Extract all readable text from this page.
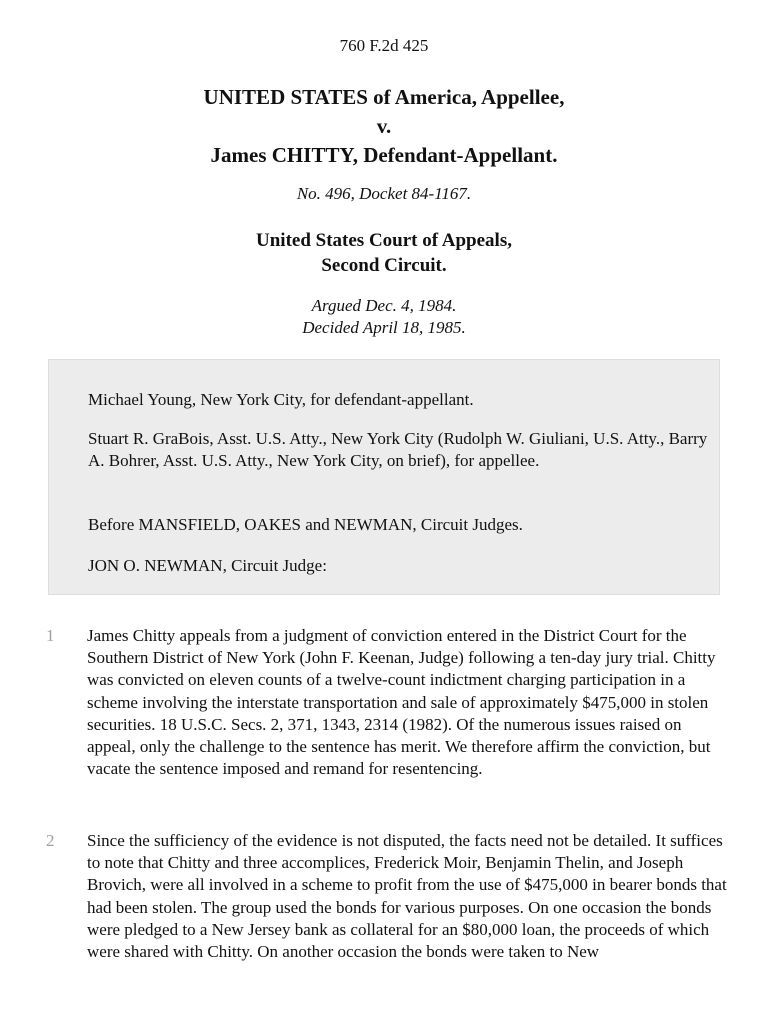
760 F.2d 425
UNITED STATES of America, Appellee,
v.
James CHITTY, Defendant-Appellant.
No. 496, Docket 84-1167.
United States Court of Appeals,
Second Circuit.
Argued Dec. 4, 1984.
Decided April 18, 1985.

Michael Young, New York City, for defendant-appellant.

Stuart R. GraBois, Asst. U.S. Atty., New York City (Rudolph W. Giuliani, U.S. Atty., Barry A. Bohrer, Asst. U.S. Atty., New York City, on brief), for appellee.

Before MANSFIELD, OAKES and NEWMAN, Circuit Judges.

JON O. NEWMAN, Circuit Judge:

1 James Chitty appeals from a judgment of conviction entered in the District Court for the Southern District of New York (John F. Keenan, Judge) following a ten-day jury trial. Chitty was convicted on eleven counts of a twelve-count indictment charging participation in a scheme involving the interstate transportation and sale of approximately $475,000 in stolen securities. 18 U.S.C. Secs. 2, 371, 1343, 2314 (1982). Of the numerous issues raised on appeal, only the challenge to the sentence has merit. We therefore affirm the conviction, but vacate the sentence imposed and remand for resentencing.
2 Since the sufficiency of the evidence is not disputed, the facts need not be detailed. It suffices to note that Chitty and three accomplices, Frederick Moir, Benjamin Thelin, and Joseph Brovich, were all involved in a scheme to profit from the use of $475,000 in bearer bonds that had been stolen. The group used the bonds for various purposes. On one occasion the bonds were pledged to a New Jersey bank as collateral for an $80,000 loan, the proceeds of which were shared with Chitty. On another occasion the bonds were taken to New
